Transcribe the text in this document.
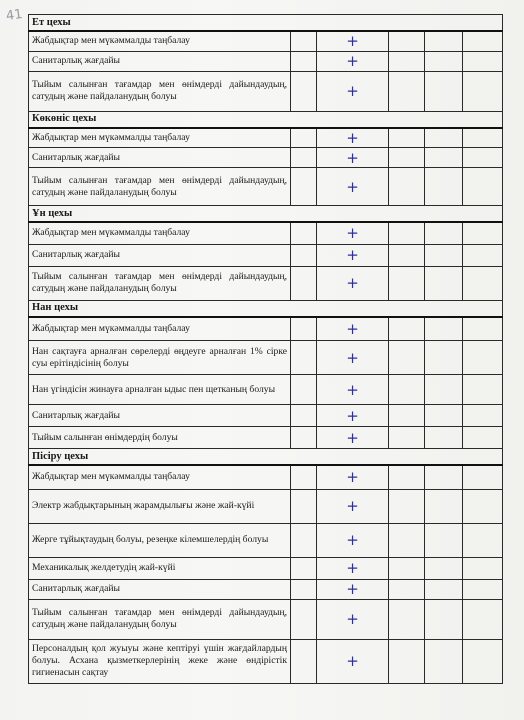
41 Ет цехы					
Жабдықтар мен мүкәммалды таңбалау		+			
Санитарлық жағдайы		+			
Тыйым салынған тағамдар мен өнімдерді дайындаудың, сатудың және пайдаланудың болуы		+			
Көкөніс цехы					
Жабдықтар мен мүкәммалды таңбалау		+			
Санитарлық жағдайы		+			
Тыйым салынған тағамдар мен өнімдерді дайындаудың, сатудың және пайдаланудың болуы		+			
Ұн цехы					
Жабдықтар мен мүкәммалды таңбалау		+			
Санитарлық жағдайы		+			
Тыйым салынған тағамдар мен өнімдерді дайындаудың, сатудың және пайдаланудың болуы		+			
Нан цехы					
Жабдықтар мен мүкәммалды таңбалау		+			
Нан сақтауға арналған сөрелерді өңдеуге арналған 1% сірке суы ерітіндісінің болуы		+			
Нан үгіндісін жинауға арналған ыдыс пен щетканың болуы		+			
Санитарлық жағдайы		+			
Тыйым салынған өнімдердің болуы		+			
Пісіру цехы					
Жабдықтар мен мүкәммалды таңбалау		+			
Электр жабдықтарының жарамдылығы және жай-күйі		+			
Жерге тұйықтаудың болуы, резеңке кілемшелердің болуы		+			
Механикалық желдетудің жай-күйі		+			
Санитарлық жағдайы		+			
Тыйым салынған тағамдар мен өнімдерді дайындаудың, сатудың және пайдаланудың болуы		+			
Персоналдың қол жуыуы және кептіруі үшін жағдайлардың болуы. Асхана қызметкерлерінің жеке және өндірістік гигиенасын сақтау		+			
